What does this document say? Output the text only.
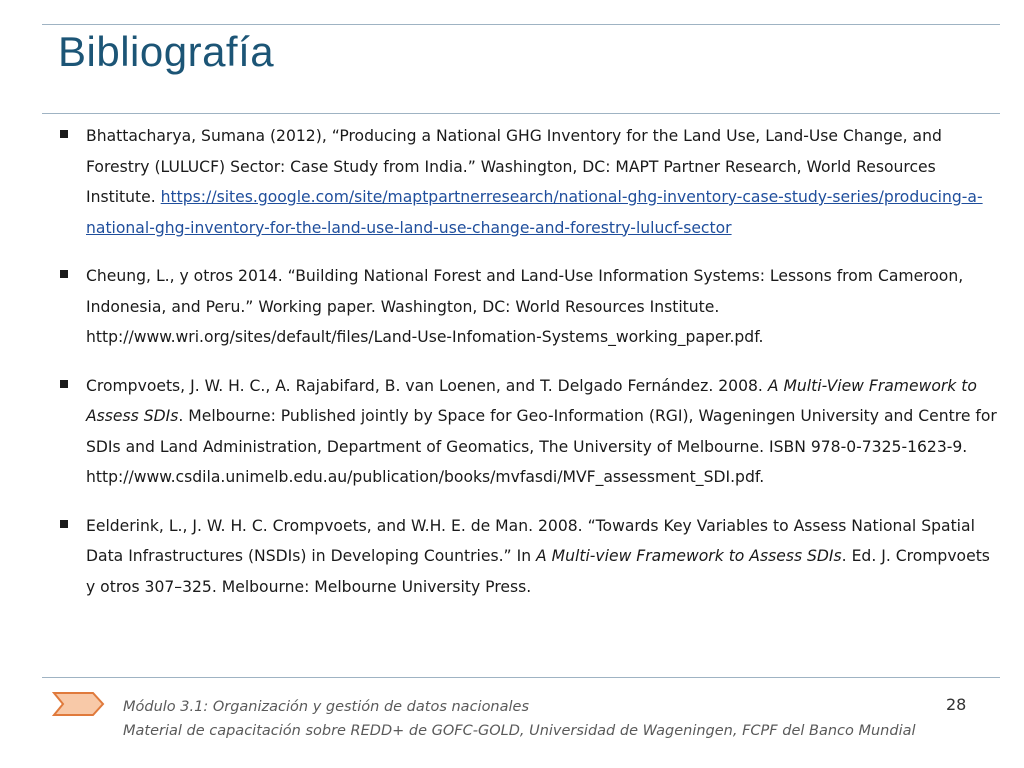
Bibliografía

Bhattacharya, Sumana (2012), “Producing a National GHG Inventory for the Land Use, Land-Use Change, and Forestry (LULUCF) Sector: Case Study from India.” Washington, DC: MAPT Partner Research, World Resources Institute. https://sites.google.com/site/maptpartnerresearch/national-ghg-inventory-case-study-series/producing-a-national-ghg-inventory-for-the-land-use-land-use-change-and-forestry-lulucf-sector

Cheung, L., y otros 2014. “Building National Forest and Land-Use Information Systems: Lessons from Cameroon, Indonesia, and Peru.” Working paper. Washington, DC: World Resources Institute. http://www.wri.org/sites/default/files/Land-Use-Infomation-Systems_working_paper.pdf.

Crompvoets, J. W. H. C., A. Rajabifard, B. van Loenen, and T. Delgado Fernández. 2008. A Multi-View Framework to Assess SDIs. Melbourne: Published jointly by Space for Geo-Information (RGI), Wageningen University and Centre for SDIs and Land Administration, Department of Geomatics, The University of Melbourne. ISBN 978-0-7325-1623-9. http://www.csdila.unimelb.edu.au/publication/books/mvfasdi/MVF_assessment_SDI.pdf.

Eelderink, L., J. W. H. C. Crompvoets, and W.H. E. de Man. 2008. “Towards Key Variables to Assess National Spatial Data Infrastructures (NSDIs) in Developing Countries.” In A Multi-view Framework to Assess SDIs. Ed. J. Crompvoets y otros 307–325. Melbourne: Melbourne University Press.

Módulo 3.1: Organización y gestión de datos nacionales
Material de capacitación sobre REDD+ de GOFC-GOLD, Universidad de Wageningen, FCPF del Banco Mundial
28
